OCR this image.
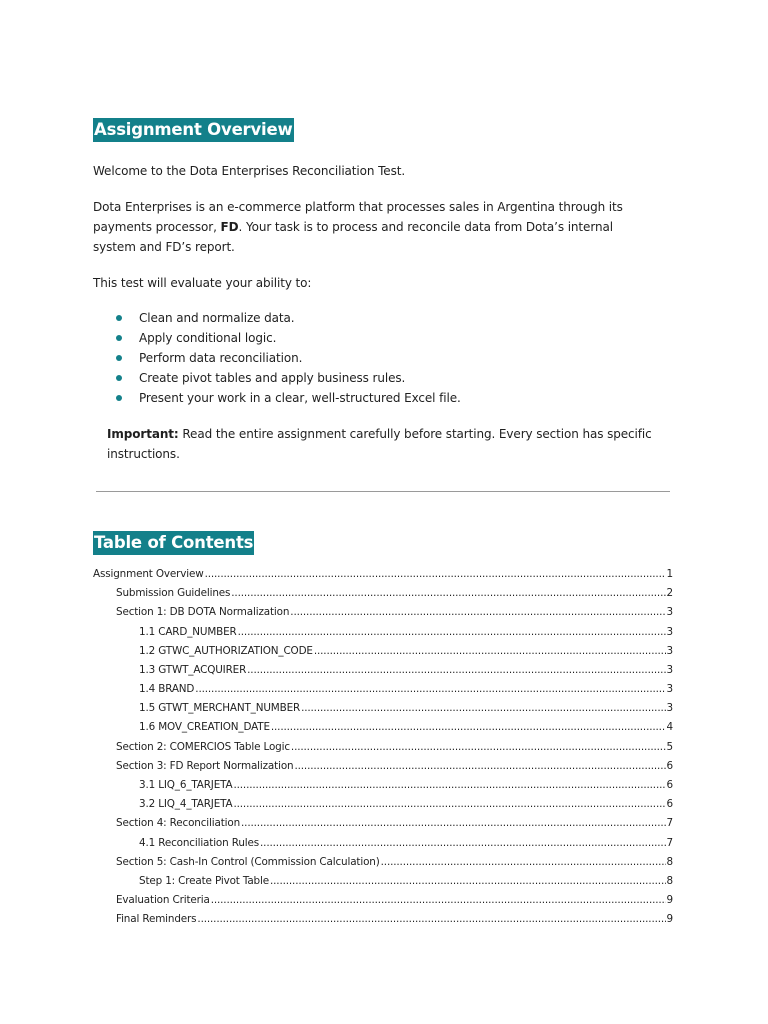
Assignment Overview

Welcome to the Dota Enterprises Reconciliation Test.

Dota Enterprises is an e-commerce platform that processes sales in Argentina through its payments processor, FD. Your task is to process and reconcile data from Dota’s internal system and FD’s report.

This test will evaluate your ability to:

Clean and normalize data.
Apply conditional logic.
Perform data reconciliation.
Create pivot tables and apply business rules.
Present your work in a clear, well-structured Excel file.

Important: Read the entire assignment carefully before starting. Every section has specific instructions.

Table of Contents
Assignment Overview .....	1
Submission Guidelines .....	2
Section 1: DB DOTA Normalization .....	3
1.1 CARD_NUMBER .....	3
1.2 GTWC_AUTHORIZATION_CODE .....	3
1.3 GTWT_ACQUIRER .....	3
1.4 BRAND .....	3
1.5 GTWT_MERCHANT_NUMBER .....	3
1.6 MOV_CREATION_DATE .....	4
Section 2: COMERCIOS Table Logic .....	5
Section 3: FD Report Normalization .....	6
3.1 LIQ_6_TARJETA .....	6
3.2 LIQ_4_TARJETA .....	6
Section 4: Reconciliation .....	7
4.1 Reconciliation Rules .....	7
Section 5: Cash-In Control (Commission Calculation) .....	8
Step 1: Create Pivot Table .....	8
Evaluation Criteria .....	9
Final Reminders .....	9
